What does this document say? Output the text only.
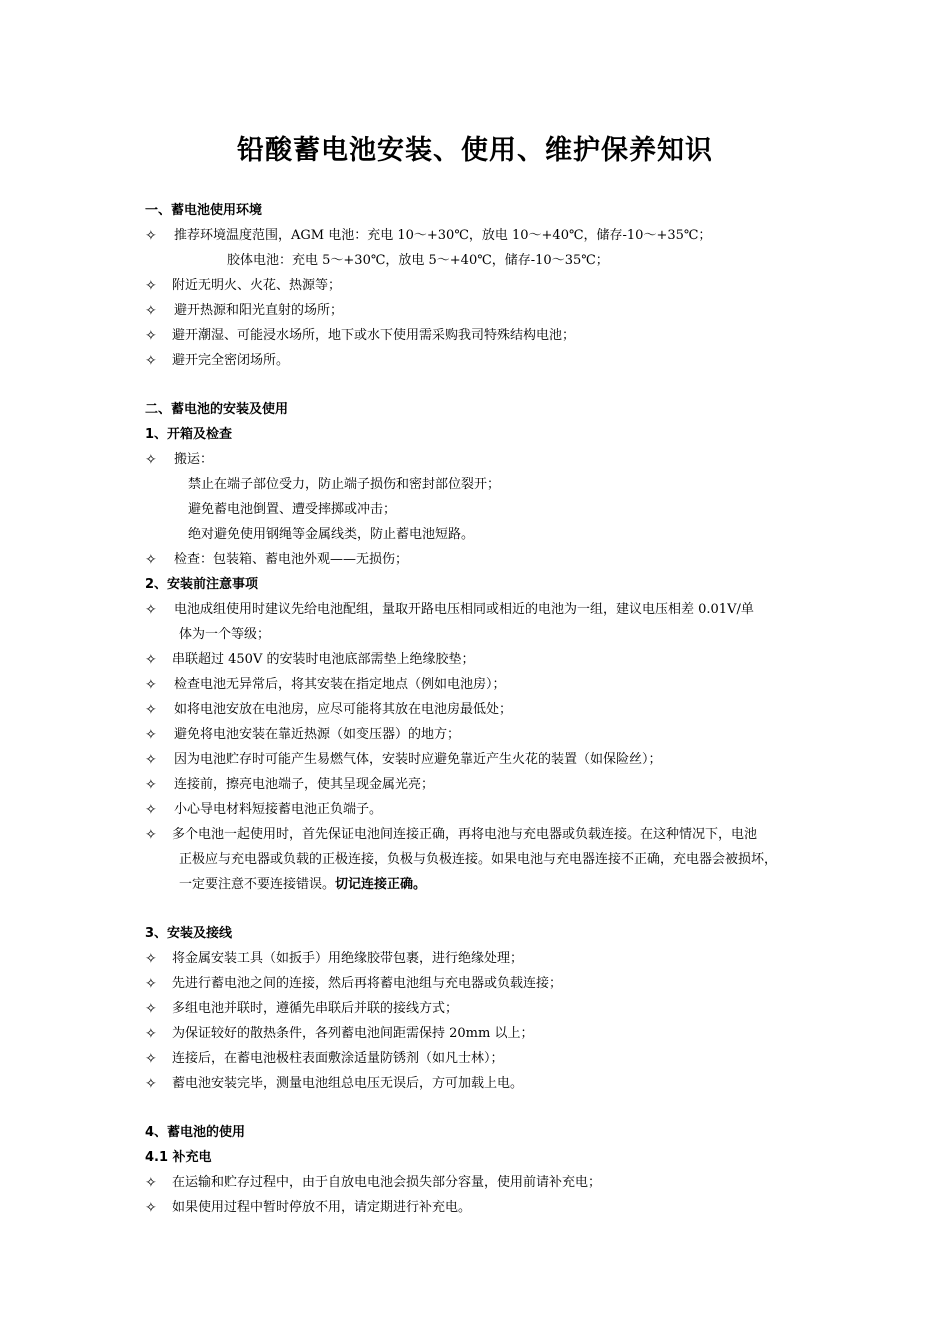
铅酸蓄电池安装、使用、维护保养知识
一、蓄电池使用环境
✧	推荐环境温度范围，AGM 电池：充电 10～+30℃，放电 10～+40℃，储存-10～+35℃；
胶体电池：充电 5～+30℃，放电 5～+40℃，储存-10～35℃；
✧	附近无明火、火花、热源等；
✧	避开热源和阳光直射的场所；
✧	避开潮湿、可能浸水场所，地下或水下使用需采购我司特殊结构电池；
✧	避开完全密闭场所。
二、蓄电池的安装及使用
1、开箱及检查
✧	搬运：
禁止在端子部位受力，防止端子损伤和密封部位裂开；
避免蓄电池倒置、遭受摔掷或冲击；
绝对避免使用钢绳等金属线类，防止蓄电池短路。
✧	检查：包装箱、蓄电池外观——无损伤；
2、安装前注意事项
✧	电池成组使用时建议先给电池配组，量取开路电压相同或相近的电池为一组，建议电压相差 0.01V/单
体为一个等级；
✧	串联超过 450V 的安装时电池底部需垫上绝缘胶垫；
✧	检查电池无异常后，将其安装在指定地点（例如电池房）；
✧	如将电池安放在电池房，应尽可能将其放在电池房最低处；
✧	避免将电池安装在靠近热源（如变压器）的地方；
✧	因为电池贮存时可能产生易燃气体，安装时应避免靠近产生火花的装置（如保险丝）；
✧	连接前，擦亮电池端子，使其呈现金属光亮；
✧	小心导电材料短接蓄电池正负端子。
✧	多个电池一起使用时，首先保证电池间连接正确，再将电池与充电器或负载连接。在这种情况下，电池
正极应与充电器或负载的正极连接，负极与负极连接。如果电池与充电器连接不正确，充电器会被损坏，
一定要注意不要连接错误。切记连接正确。
3、安装及接线
✧	将金属安装工具（如扳手）用绝缘胶带包裹，进行绝缘处理；
✧	先进行蓄电池之间的连接，然后再将蓄电池组与充电器或负载连接；
✧	多组电池并联时，遵循先串联后并联的接线方式；
✧	为保证较好的散热条件，各列蓄电池间距需保持 20mm 以上；
✧	连接后，在蓄电池极柱表面敷涂适量防锈剂（如凡士林）；
✧	蓄电池安装完毕，测量电池组总电压无误后，方可加载上电。
4、蓄电池的使用
4.1 补充电
✧	在运输和贮存过程中，由于自放电电池会损失部分容量，使用前请补充电；
✧	如果使用过程中暂时停放不用，请定期进行补充电。
